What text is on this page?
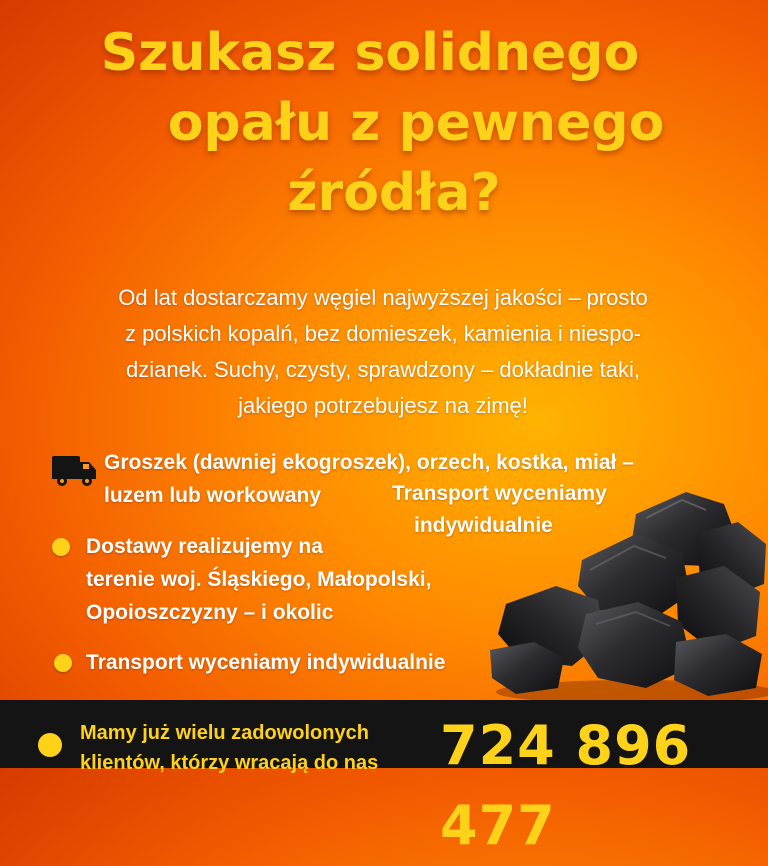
Szukasz solidnego
opału z pewnego
źródła?
Od lat dostarczamy węgiel najwyższej jakości – prosto
z polskich kopalń, bez domieszek, kamienia i niespo-
dzianek. Suchy, czysty, sprawdzony – dokładnie taki,
jakiego potrzebujesz na zimę!
Groszek (dawniej ekogroszek), orzech, kostka, miał –
luzem lub workowany	Transport wyceniamy
indywidualnie
Dostawy realizujemy na
terenie woj. Śląskiego, Małopolski,
Opoioszczyzny – i okolic
Transport wyceniamy indywidualnie
Mamy już wielu zadowolonych
klientów, którzy wracają do nas	724 896 477
